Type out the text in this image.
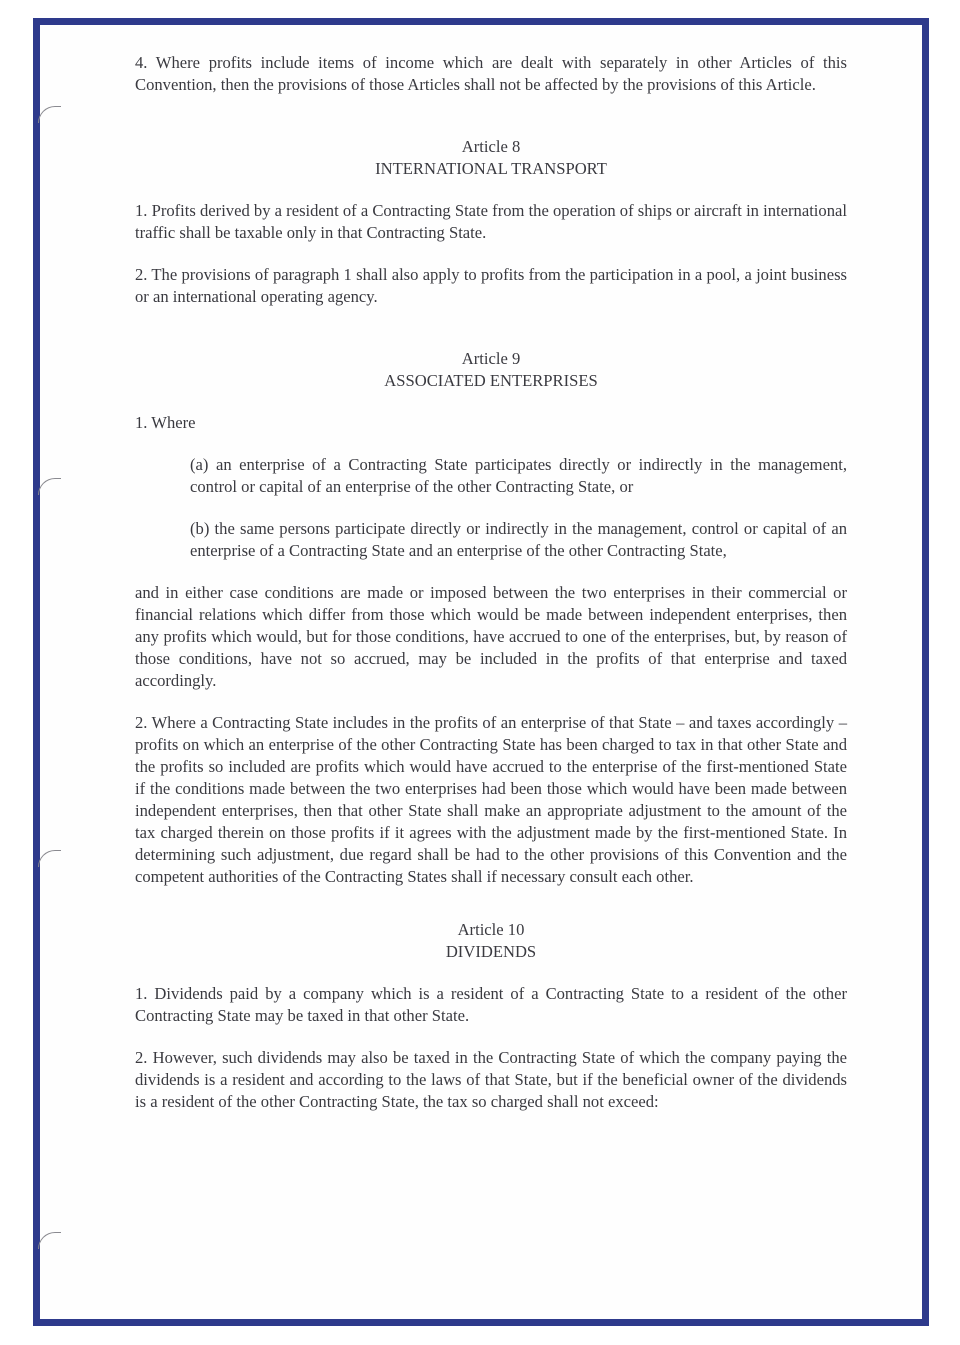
4. Where profits include items of income which are dealt with separately in other Articles of this Convention, then the provisions of those Articles shall not be affected by the provisions of this Article.

Article 8

INTERNATIONAL TRANSPORT

1. Profits derived by a resident of a Contracting State from the operation of ships or aircraft in international traffic shall be taxable only in that Contracting State.

2. The provisions of paragraph 1 shall also apply to profits from the participation in a pool, a joint business or an international operating agency.

Article 9

ASSOCIATED ENTERPRISES

1. Where

(a) an enterprise of a Contracting State participates directly or indirectly in the management, control or capital of an enterprise of the other Contracting State, or

(b) the same persons participate directly or indirectly in the management, control or capital of an enterprise of a Contracting State and an enterprise of the other Contracting State,

and in either case conditions are made or imposed between the two enterprises in their commercial or financial relations which differ from those which would be made between independent enterprises, then any profits which would, but for those conditions, have accrued to one of the enterprises, but, by reason of those conditions, have not so accrued, may be included in the profits of that enterprise and taxed accordingly.

2. Where a Contracting State includes in the profits of an enterprise of that State – and taxes accordingly – profits on which an enterprise of the other Contracting State has been charged to tax in that other State and the profits so included are profits which would have accrued to the enterprise of the first-mentioned State if the conditions made between the two enterprises had been those which would have been made between independent enterprises, then that other State shall make an appropriate adjustment to the amount of the tax charged therein on those profits if it agrees with the adjustment made by the first-mentioned State. In determining such adjustment, due regard shall be had to the other provisions of this Convention and the competent authorities of the Contracting States shall if necessary consult each other.

Article 10

DIVIDENDS

1. Dividends paid by a company which is a resident of a Contracting State to a resident of the other Contracting State may be taxed in that other State.

2. However, such dividends may also be taxed in the Contracting State of which the company paying the dividends is a resident and according to the laws of that State, but if the beneficial owner of the dividends is a resident of the other Contracting State, the tax so charged shall not exceed:
